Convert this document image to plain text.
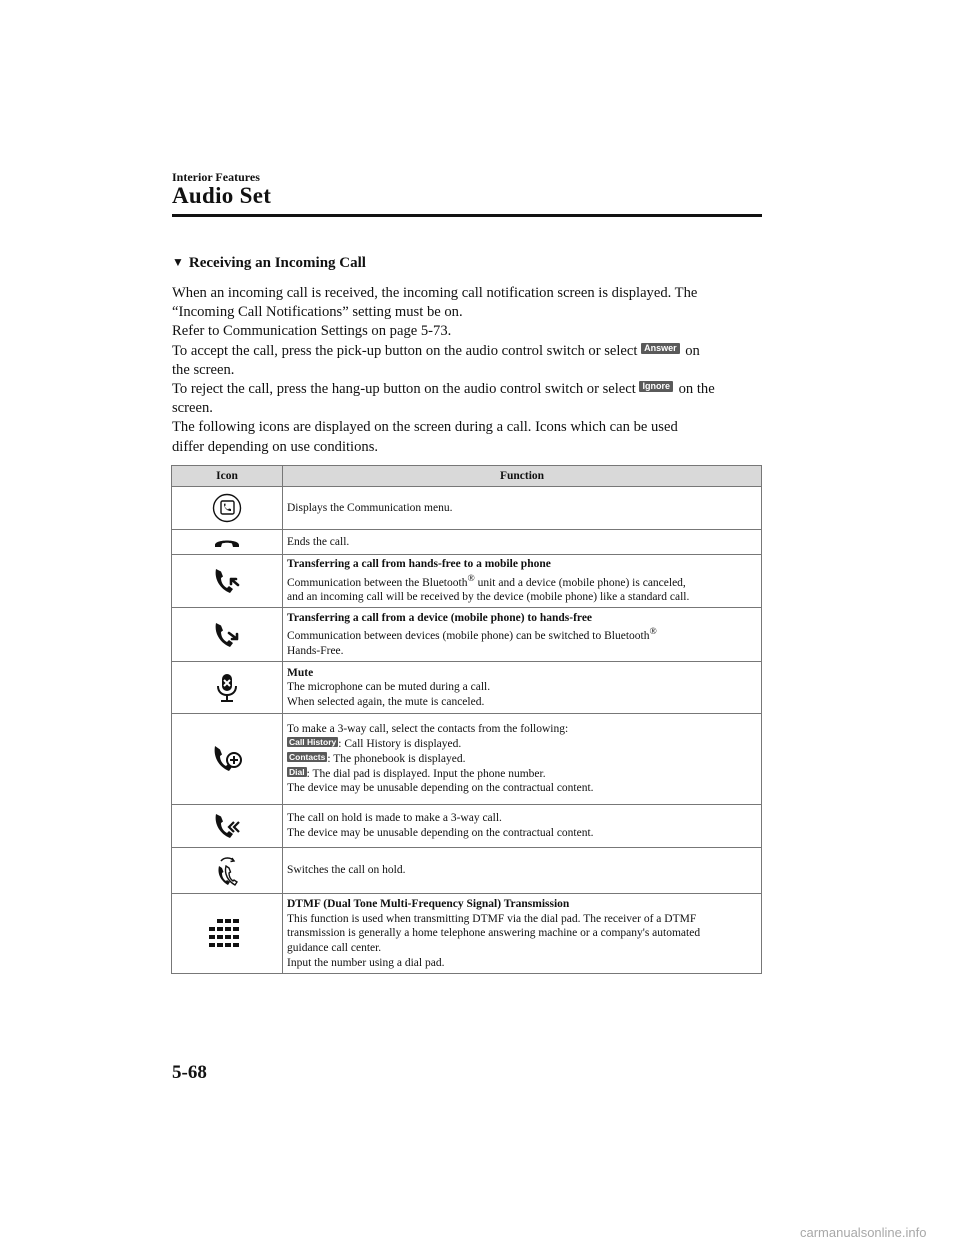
Interior Features
Audio Set
▼ Receiving an Incoming Call

When an incoming call is received, the incoming call notification screen is displayed. The
“Incoming Call Notifications” setting must be on.

Refer to Communication Settings on page 5-73.

To accept the call, press the pick-up button on the audio control switch or select Answer on
the screen.

To reject the call, press the hang-up button on the audio control switch or select Ignore on the
screen.

The following icons are displayed on the screen during a call. Icons which can be used
differ depending on use conditions.

Icon	Function

	Displays the Communication menu.

	Ends the call.

Transferring a call from hands-free to a mobile phone
Communication between the Bluetooth® unit and a device (mobile phone) is canceled,
and an incoming call will be received by the device (mobile phone) like a standard call.

Transferring a call from a device (mobile phone) to hands-free
Communication between devices (mobile phone) can be switched to Bluetooth®
Hands-Free.

Mute
The microphone can be muted during a call.
When selected again, the mute is canceled.

To make a 3-way call, select the contacts from the following:
Call History : Call History is displayed.
Contacts : The phonebook is displayed.
Dial : The dial pad is displayed. Input the phone number.
The device may be unusable depending on the contractual content.

The call on hold is made to make a 3-way call.
The device may be unusable depending on the contractual content.

	Switches the call on hold.

DTMF (Dual Tone Multi-Frequency Signal) Transmission
This function is used when transmitting DTMF via the dial pad. The receiver of a DTMF
transmission is generally a home telephone answering machine or a company's automated
guidance call center.
Input the number using a dial pad.
5-68
carmanualsonline.info
